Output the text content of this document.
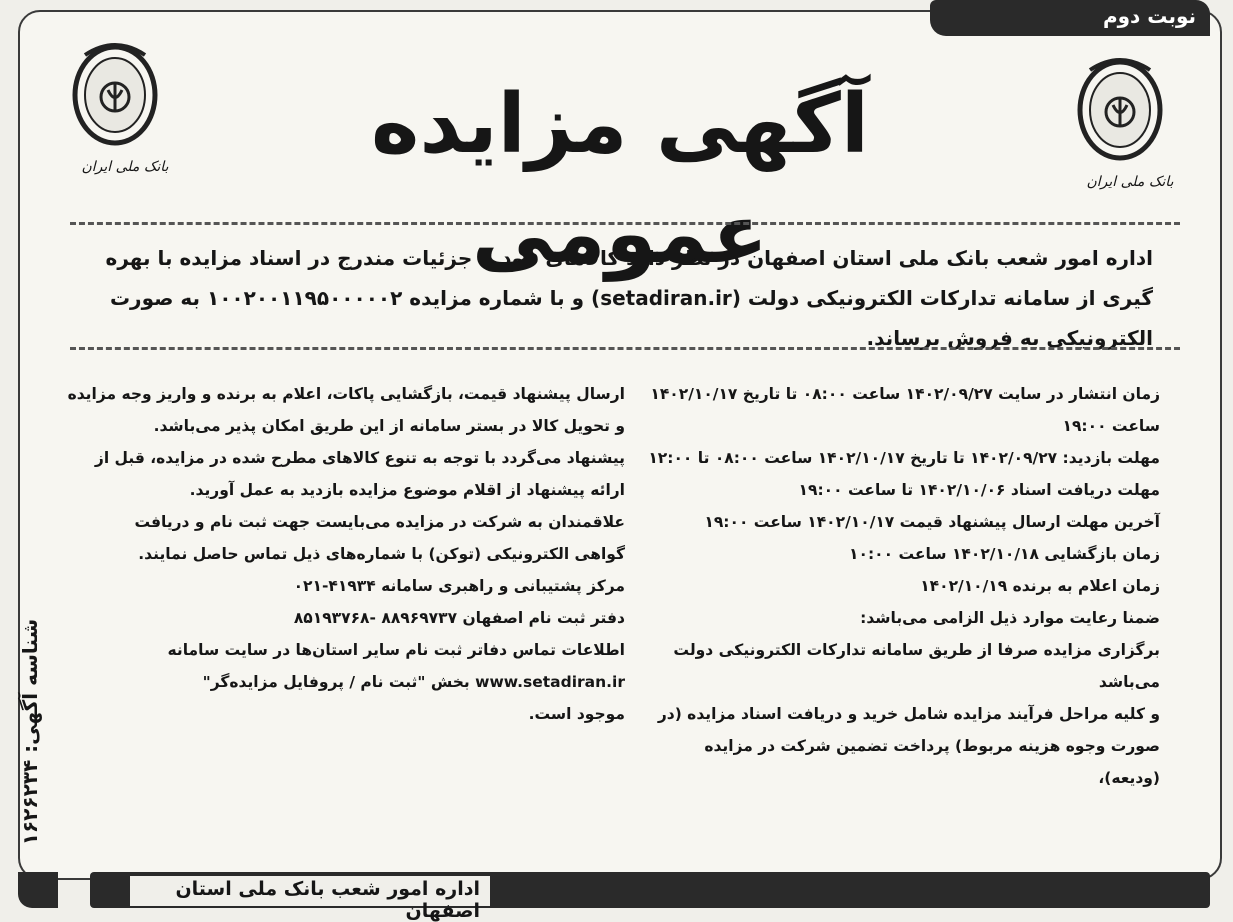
نوبت دوم
بانک ملی ایران
بانک ملی ایران
آگهی مزایده عمومی
اداره امور شعب بانک ملی استان اصفهان در نظر دارد کالاهای خود با جزئیات مندرج در اسناد مزایده با بهره گیری از سامانه تدارکات الکترونیکی دولت (setadiran.ir) و با شماره مزایده ۱۰۰۲۰۰۱۱۹۵۰۰۰۰۰۲ به صورت الکترونیکی به فروش برساند.

زمان انتشار در سایت ۱۴۰۲/۰۹/۲۷ ساعت ۰۸:۰۰ تا تاریخ ۱۴۰۲/۱۰/۱۷

ساعت ۱۹:۰۰

مهلت بازدید: ۱۴۰۲/۰۹/۲۷ تا تاریخ ۱۴۰۲/۱۰/۱۷ ساعت ۰۸:۰۰ تا ۱۲:۰۰

مهلت دریافت اسناد ۱۴۰۲/۱۰/۰۶ تا ساعت ۱۹:۰۰

آخرین مهلت ارسال پیشنهاد قیمت ۱۴۰۲/۱۰/۱۷ ساعت ۱۹:۰۰

زمان بازگشایی ۱۴۰۲/۱۰/۱۸ ساعت ۱۰:۰۰

زمان اعلام به برنده ۱۴۰۲/۱۰/۱۹

ضمنا رعایت موارد ذیل الزامی می‌باشد:

برگزاری مزایده صرفا از طریق سامانه تدارکات الکترونیکی دولت می‌باشد

و کلیه مراحل فرآیند مزایده شامل خرید و دریافت اسناد مزایده (در

صورت وجوه هزینه مربوط) پرداخت تضمین شرکت در مزایده (ودیعه)،

ارسال پیشنهاد قیمت، بازگشایی پاکات، اعلام به برنده و واریز وجه مزایده

و تحویل کالا در بستر سامانه از این طریق امکان پذیر می‌باشد.

پیشنهاد می‌گردد با توجه به تنوع کالاهای مطرح شده در مزایده، قبل از

ارائه پیشنهاد از اقلام موضوع مزایده بازدید به عمل آورید.

علاقمندان به شرکت در مزایده می‌بایست جهت ثبت نام و دریافت

گواهی الکترونیکی (توکن) با شماره‌های ذیل تماس حاصل نمایند.

مرکز پشتیبانی و راهبری سامانه ۴۱۹۳۴-۰۲۱

دفتر ثبت نام اصفهان ۸۸۹۶۹۷۳۷ -۸۵۱۹۳۷۶۸

اطلاعات تماس دفاتر ثبت نام سایر استان‌ها در سایت سامانه

www.setadiran.ir بخش "ثبت نام / پروفایل مزایده‌گر"

موجود است.

شناسه آگهی: ۱۶۲۶۲۳۴
اداره امور شعب بانک ملی استان اصفهان
